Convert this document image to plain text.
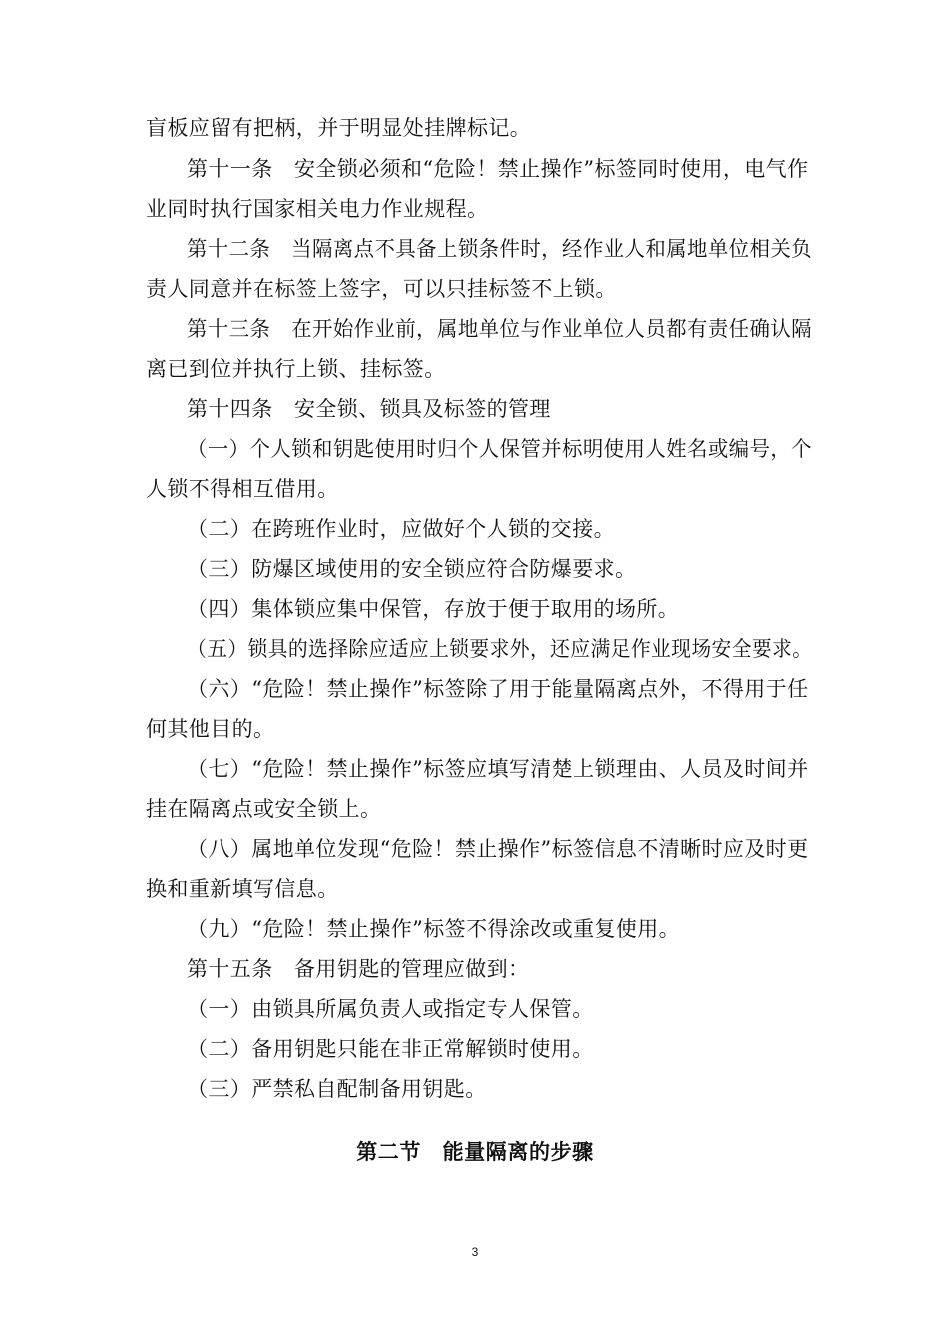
盲板应留有把柄，并于明显处挂牌标记。
第十一条　安全锁必须和“危险！禁止操作”标签同时使用，电气作
业同时执行国家相关电力作业规程。
第十二条　当隔离点不具备上锁条件时，经作业人和属地单位相关负
责人同意并在标签上签字，可以只挂标签不上锁。
第十三条　在开始作业前，属地单位与作业单位人员都有责任确认隔
离已到位并执行上锁、挂标签。
第十四条　安全锁、锁具及标签的管理
（一）个人锁和钥匙使用时归个人保管并标明使用人姓名或编号，个
人锁不得相互借用。
（二）在跨班作业时，应做好个人锁的交接。
（三）防爆区域使用的安全锁应符合防爆要求。
（四）集体锁应集中保管，存放于便于取用的场所。
（五）锁具的选择除应适应上锁要求外，还应满足作业现场安全要求。
（六）“危险！禁止操作”标签除了用于能量隔离点外，不得用于任
何其他目的。
（七）“危险！禁止操作”标签应填写清楚上锁理由、人员及时间并
挂在隔离点或安全锁上。
（八）属地单位发现“危险！禁止操作”标签信息不清晰时应及时更
换和重新填写信息。
（九）“危险！禁止操作”标签不得涂改或重复使用。
第十五条　备用钥匙的管理应做到：
（一）由锁具所属负责人或指定专人保管。
（二）备用钥匙只能在非正常解锁时使用。
（三）严禁私自配制备用钥匙。
第二节　能量隔离的步骤
3
